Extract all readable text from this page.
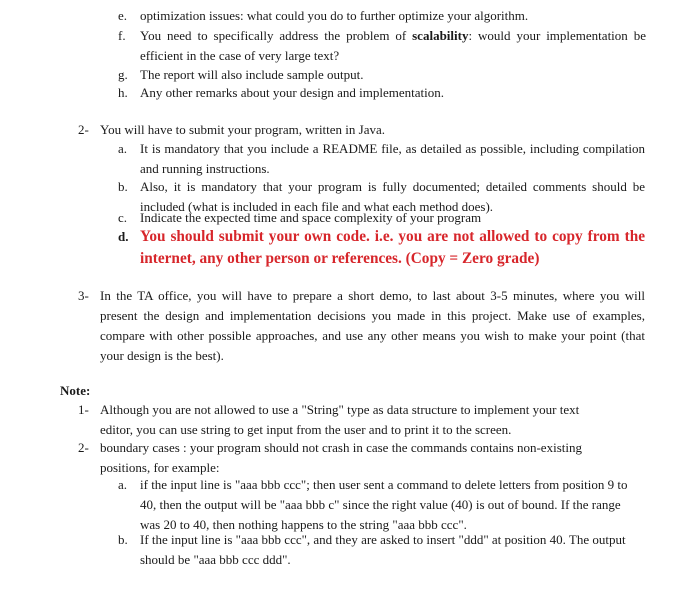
e. optimization issues: what could you do to further optimize your algorithm.
f. You need to specifically address the problem of scalability: would your implementation be efficient in the case of very large text?
g. The report will also include sample output.
h. Any other remarks about your design and implementation.
2- You will have to submit your program, written in Java.
a. It is mandatory that you include a README file, as detailed as possible, including compilation and running instructions.
b. Also, it is mandatory that your program is fully documented; detailed comments should be included (what is included in each file and what each method does).
c. Indicate the expected time and space complexity of your program
d. You should submit your own code. i.e. you are not allowed to copy from the internet, any other person or references. (Copy = Zero grade)
3- In the TA office, you will have to prepare a short demo, to last about 3-5 minutes, where you will present the design and implementation decisions you made in this project. Make use of examples, compare with other possible approaches, and use any other means you wish to make your point (that your design is the best).
Note:
1- Although you are not allowed to use a "String" type as data structure to implement your text editor, you can use string to get input from the user and to print it to the screen.
2- boundary cases : your program should not crash in case the commands contains non-existing positions, for example:
a. if the input line is "aaa bbb ccc"; then user sent a command to delete letters from position 9 to 40, then the output will be "aaa bbb c" since the right value (40) is out of bound. If the range was 20 to 40, then nothing happens to the string "aaa bbb ccc".
b. If the input line is "aaa bbb ccc", and they are asked to insert "ddd" at position 40. The output should be "aaa bbb ccc ddd".
